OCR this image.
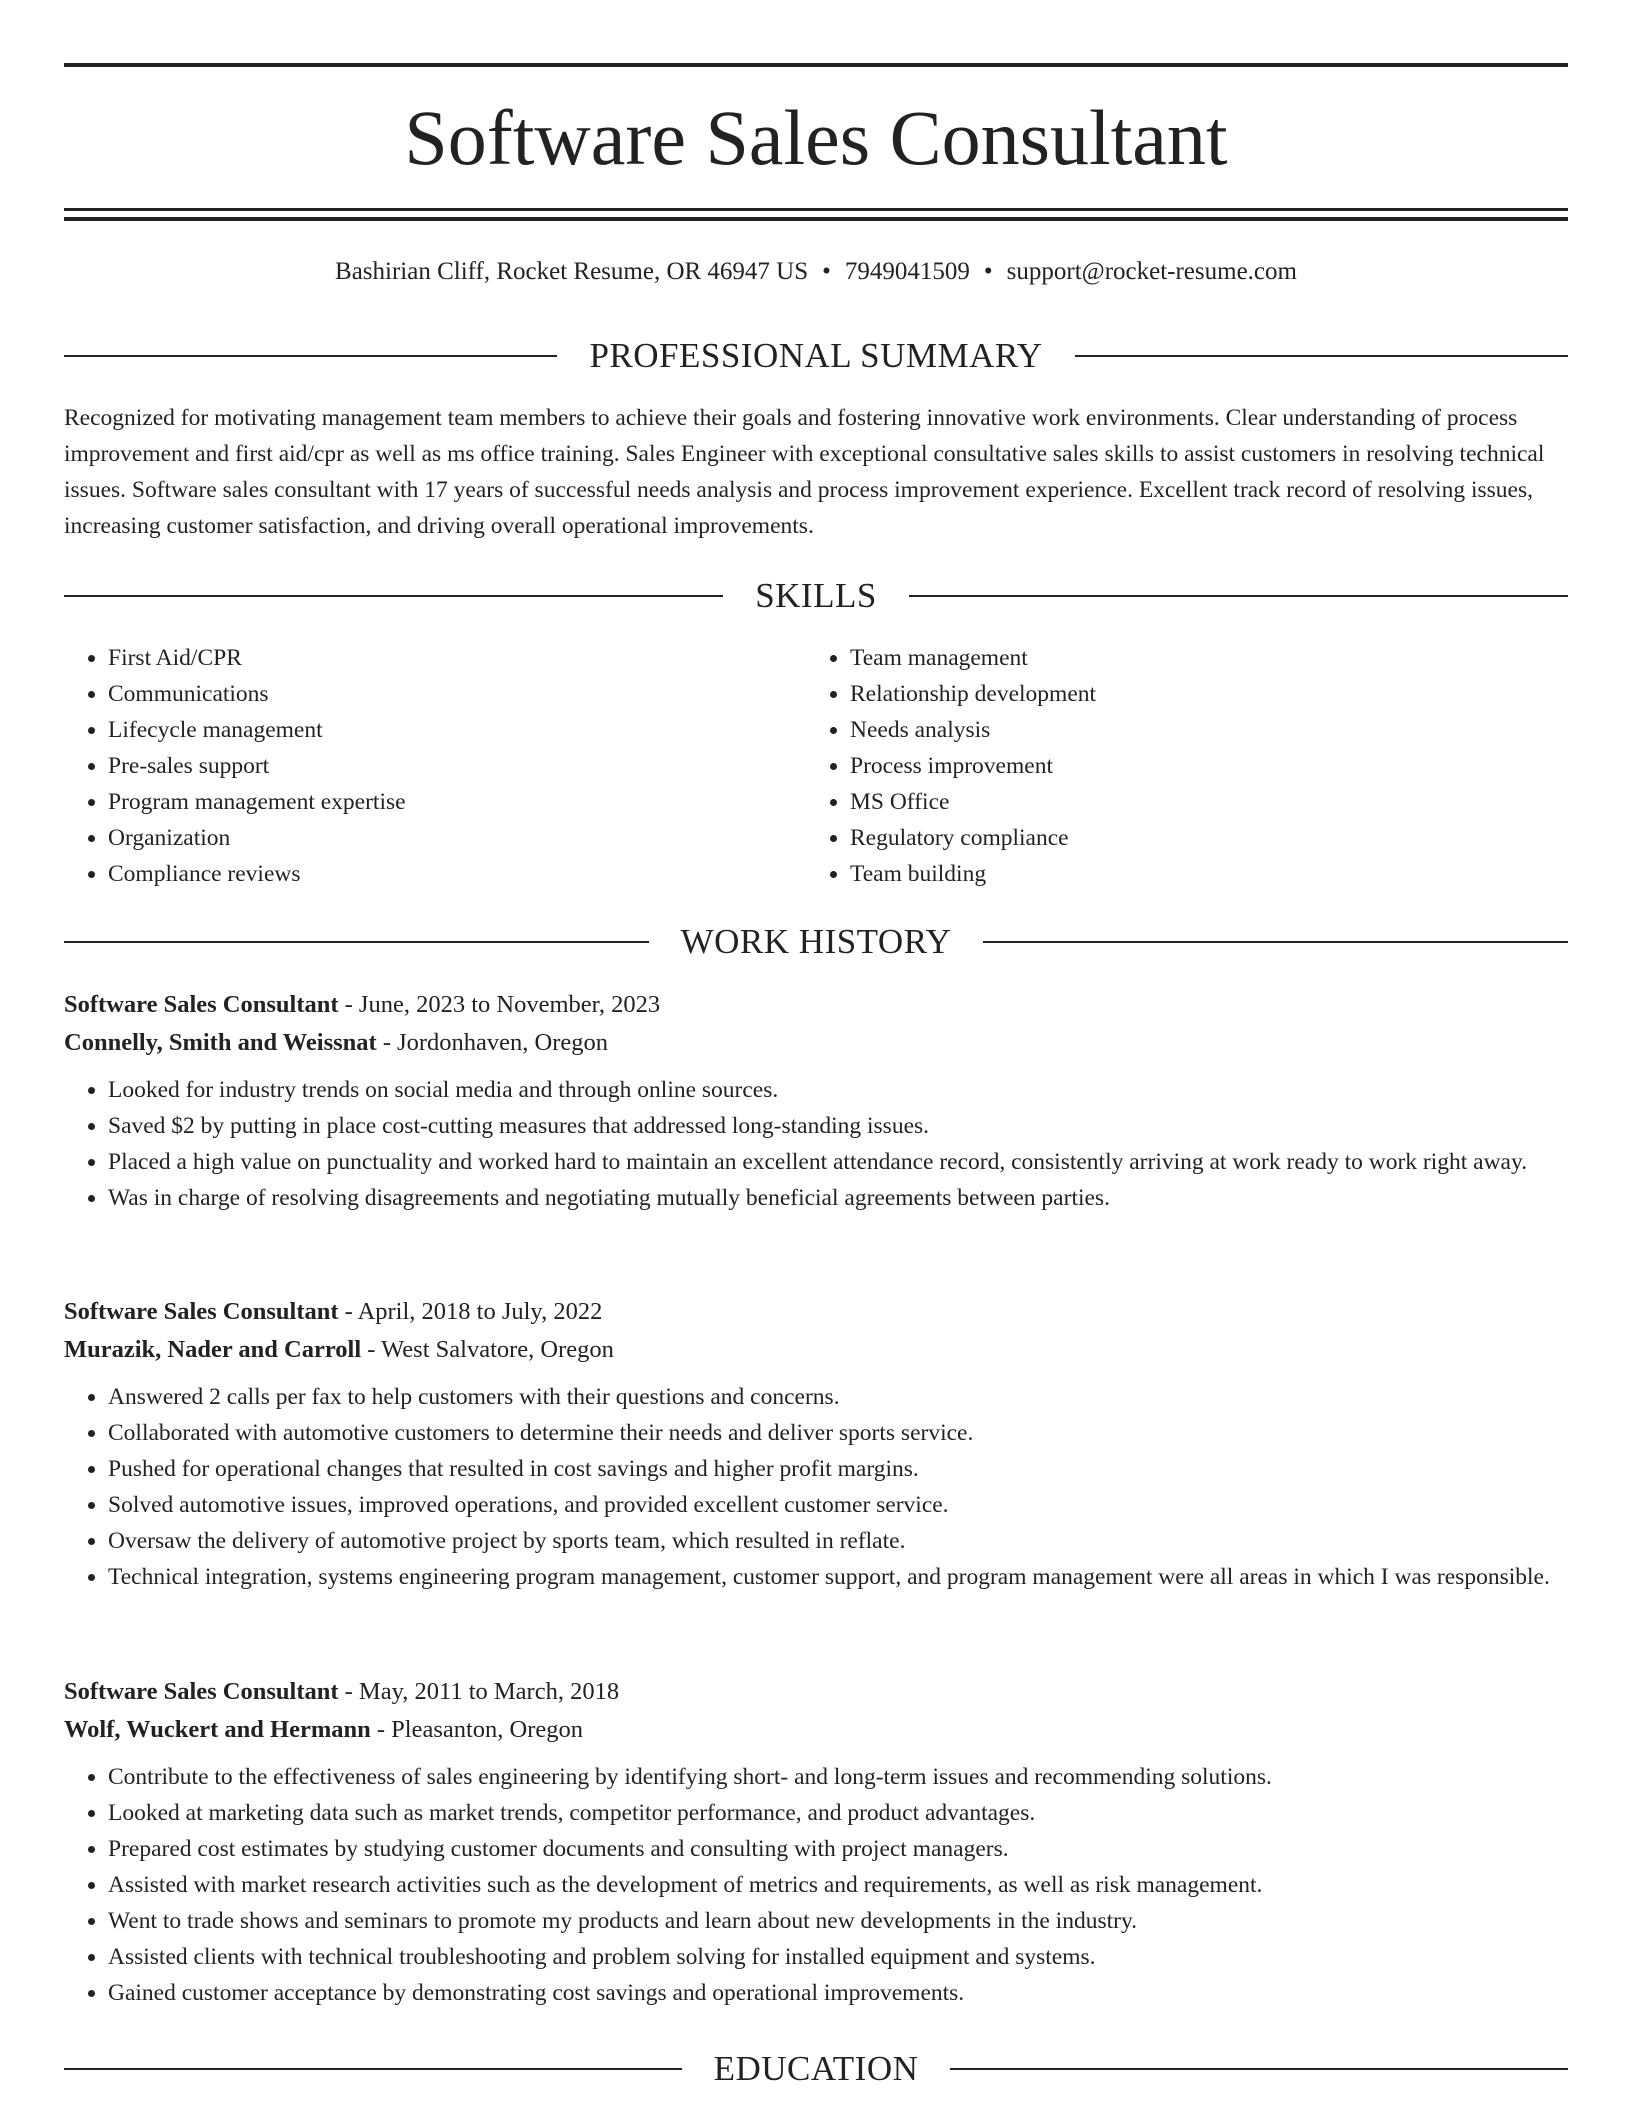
Software Sales Consultant
Bashirian Cliff, Rocket Resume, OR 46947 US • 7949041509 • support@rocket-resume.com
PROFESSIONAL SUMMARY

Recognized for motivating management team members to achieve their goals and fostering innovative work environments. Clear understanding of process improvement and first aid/cpr as well as ms office training. Sales Engineer with exceptional consultative sales skills to assist customers in resolving technical issues. Software sales consultant with 17 years of successful needs analysis and process improvement experience. Excellent track record of resolving issues, increasing customer satisfaction, and driving overall operational improvements.

SKILLS
• First Aid/CPR
• Communications
• Lifecycle management
• Pre-sales support
• Program management expertise
• Organization
• Compliance reviews
• Team management
• Relationship development
• Needs analysis
• Process improvement
• MS Office
• Regulatory compliance
• Team building
WORK HISTORY
Software Sales Consultant - June, 2023 to November, 2023
Connelly, Smith and Weissnat - Jordonhaven, Oregon
• Looked for industry trends on social media and through online sources.
• Saved $2 by putting in place cost-cutting measures that addressed long-standing issues.
• Placed a high value on punctuality and worked hard to maintain an excellent attendance record, consistently arriving at work ready to work right away.
• Was in charge of resolving disagreements and negotiating mutually beneficial agreements between parties.
Software Sales Consultant - April, 2018 to July, 2022
Murazik, Nader and Carroll - West Salvatore, Oregon
• Answered 2 calls per fax to help customers with their questions and concerns.
• Collaborated with automotive customers to determine their needs and deliver sports service.
• Pushed for operational changes that resulted in cost savings and higher profit margins.
• Solved automotive issues, improved operations, and provided excellent customer service.
• Oversaw the delivery of automotive project by sports team, which resulted in reflate.
• Technical integration, systems engineering program management, customer support, and program management were all areas in which I was responsible.
Software Sales Consultant - May, 2011 to March, 2018
Wolf, Wuckert and Hermann - Pleasanton, Oregon
• Contribute to the effectiveness of sales engineering by identifying short- and long-term issues and recommending solutions.
• Looked at marketing data such as market trends, competitor performance, and product advantages.
• Prepared cost estimates by studying customer documents and consulting with project managers.
• Assisted with market research activities such as the development of metrics and requirements, as well as risk management.
• Went to trade shows and seminars to promote my products and learn about new developments in the industry.
• Assisted clients with technical troubleshooting and problem solving for installed equipment and systems.
• Gained customer acceptance by demonstrating cost savings and operational improvements.
EDUCATION
